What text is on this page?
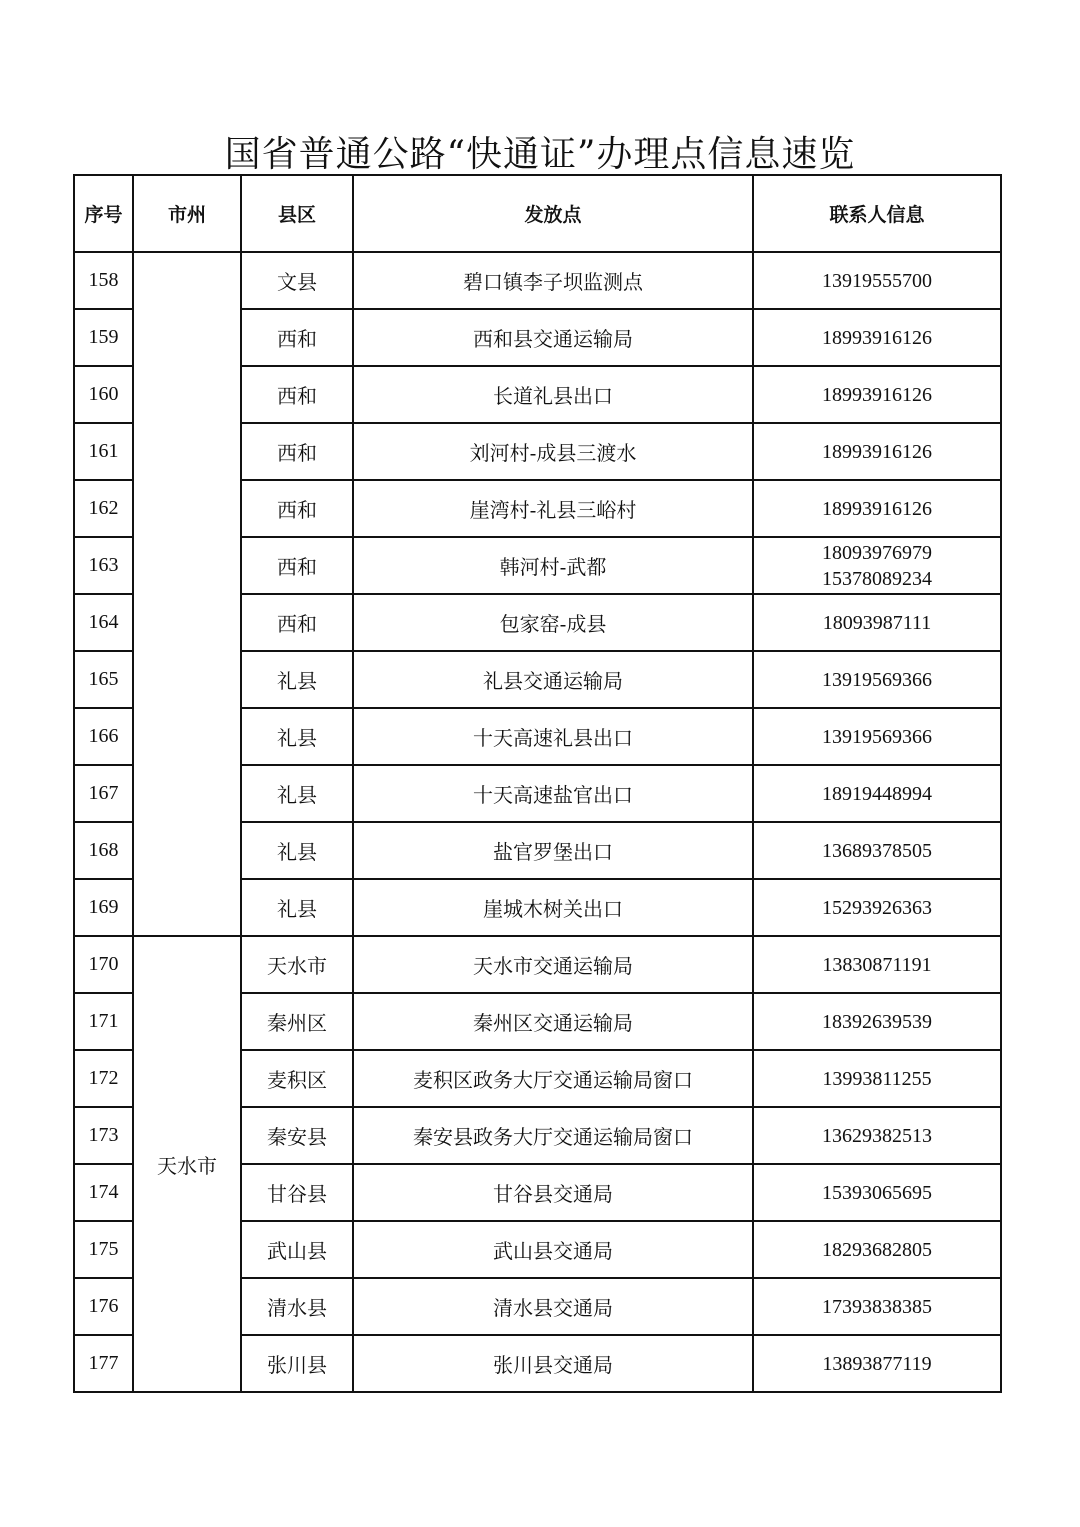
国省普通公路“快通证”办理点信息速览
序号	市州	县区	发放点	联系人信息
158		文县	碧口镇李子坝监测点	13919555700

159		西和	西和县交通运输局	18993916126

160		西和	长道礼县出口	18993916126

161		西和	刘河村-成县三渡水	18993916126

162		西和	崖湾村-礼县三峪村	18993916126

163		西和	韩河村-武都	18093976979
15378089234

164		西和	包家窑-成县	18093987111

165		礼县	礼县交通运输局	13919569366

166		礼县	十天高速礼县出口	13919569366

167		礼县	十天高速盐官出口	18919448994

168		礼县	盐官罗堡出口	13689378505

169		礼县	崖城木树关出口	15293926363

170	天水市	天水市	天水市交通运输局	13830871191

171		秦州区	秦州区交通运输局	18392639539

172		麦积区	麦积区政务大厅交通运输局窗口	13993811255

173		秦安县	秦安县政务大厅交通运输局窗口	13629382513

174		甘谷县	甘谷县交通局	15393065695

175		武山县	武山县交通局	18293682805

176		清水县	清水县交通局	17393838385

177		张川县	张川县交通局	13893877119
